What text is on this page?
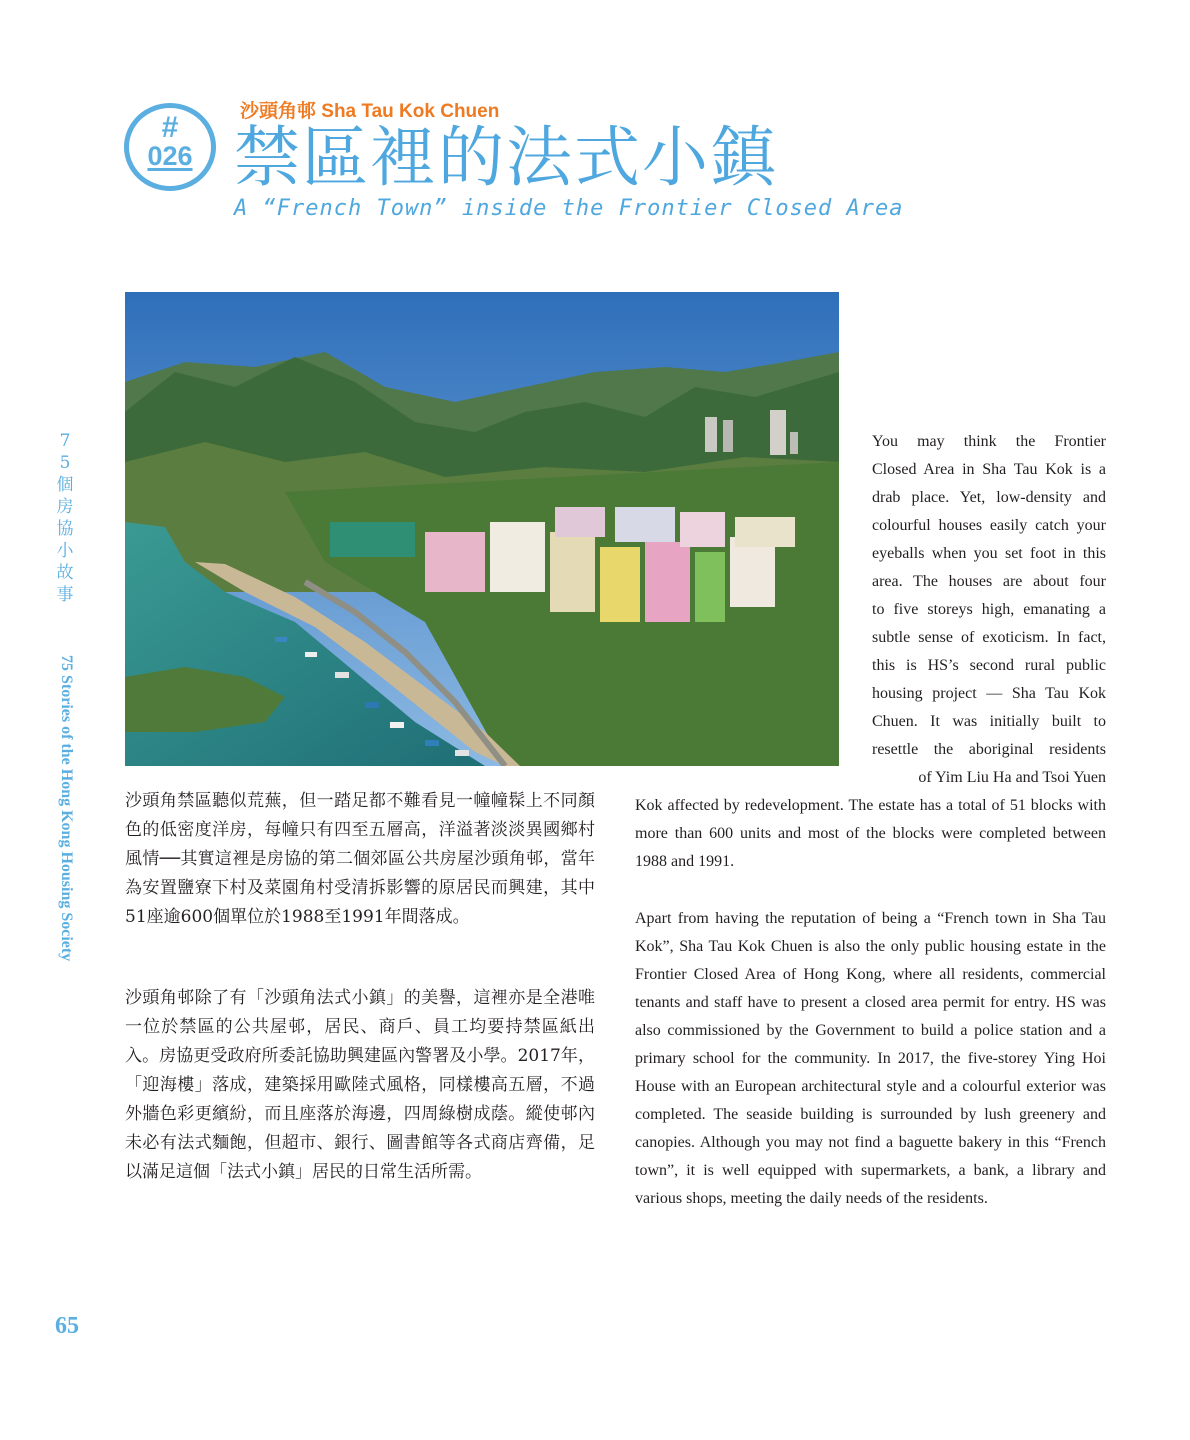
#
026
沙頭角邨 Sha Tau Kok Chuen
禁區裡的法式小鎮
A “French Town” inside the Frontier Closed Area
75個房協小故事
75 Stories of the Hong Kong Housing Society
65

You may think the Frontier

Closed Area in Sha Tau Kok is a

drab place. Yet, low-density and

colourful houses easily catch your

eyeballs when you set foot in this

area. The houses are about four

to five storeys high, emanating a

subtle sense of exoticism. In fact,

this is HS’s second rural public

housing project — Sha Tau Kok

Chuen. It was initially built to

resettle the aboriginal residents

of Yim Liu Ha and Tsoi Yuen

Kok affected by redevelopment. The estate has a total of 51 blocks with more than 600 units and most of the blocks were completed between 1988 and 1991.

Apart from having the reputation of being a “French town in Sha Tau Kok”, Sha Tau Kok Chuen is also the only public housing estate in the Frontier Closed Area of Hong Kong, where all residents, commercial tenants and staff have to present a closed area permit for entry. HS was also commissioned by the Government to build a police station and a primary school for the community. In 2017, the five-storey Ying Hoi House with an European architectural style and a colourful exterior was completed. The seaside building is surrounded by lush greenery and canopies. Although you may not find a baguette bakery in this “French town”, it is well equipped with supermarkets, a bank, a library and various shops, meeting the daily needs of the residents.

沙頭角禁區聽似荒蕪，但一踏足都不難看見一幢幢髹上不同顏色的低密度洋房，每幢只有四至五層高，洋溢著淡淡異國鄉村風情──其實這裡是房協的第二個郊區公共房屋沙頭角邨，當年為安置鹽寮下村及菜園角村受清拆影響的原居民而興建，其中51座逾600個單位於1988至1991年間落成。

沙頭角邨除了有「沙頭角法式小鎮」的美譽，這裡亦是全港唯一位於禁區的公共屋邨，居民、商戶、員工均要持禁區紙出入。房協更受政府所委託協助興建區內警署及小學。2017年，「迎海樓」落成，建築採用歐陸式風格，同樣樓高五層，不過外牆色彩更繽紛，而且座落於海邊，四周綠樹成蔭。縱使邨內未必有法式麵飽，但超市、銀行、圖書館等各式商店齊備，足以滿足這個「法式小鎮」居民的日常生活所需。
